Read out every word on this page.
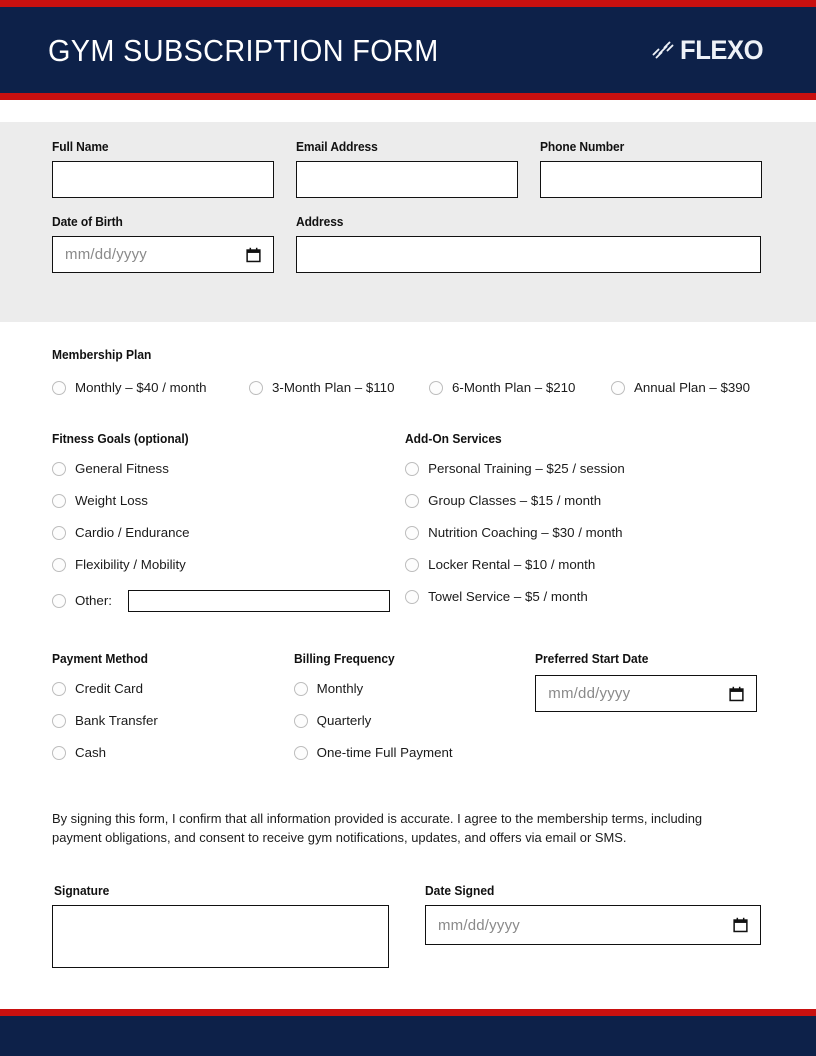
GYM SUBSCRIPTION FORM	FLEXO
Full Name	Email Address	Phone Number
Date of Birth
mm/dd/yyyy
Address
Membership Plan
Monthly – $40 / month	3-Month Plan – $110	6-Month Plan – $210	Annual Plan – $390
Fitness Goals (optional)
General Fitness
Weight Loss
Cardio / Endurance
Flexibility / Mobility
Other:
Add-On Services
Personal Training – $25 / session
Group Classes – $15 / month
Nutrition Coaching – $30 / month
Locker Rental – $10 / month
Towel Service – $5 / month
Payment Method
Credit Card
Bank Transfer
Cash
Billing Frequency
Monthly
Quarterly
One-time Full Payment
Preferred Start Date
mm/dd/yyyy
By signing this form, I confirm that all information provided is accurate. I agree to the membership terms, including payment obligations, and consent to receive gym notifications, updates, and offers via email or SMS.
Signature	Date Signed
mm/dd/yyyy
